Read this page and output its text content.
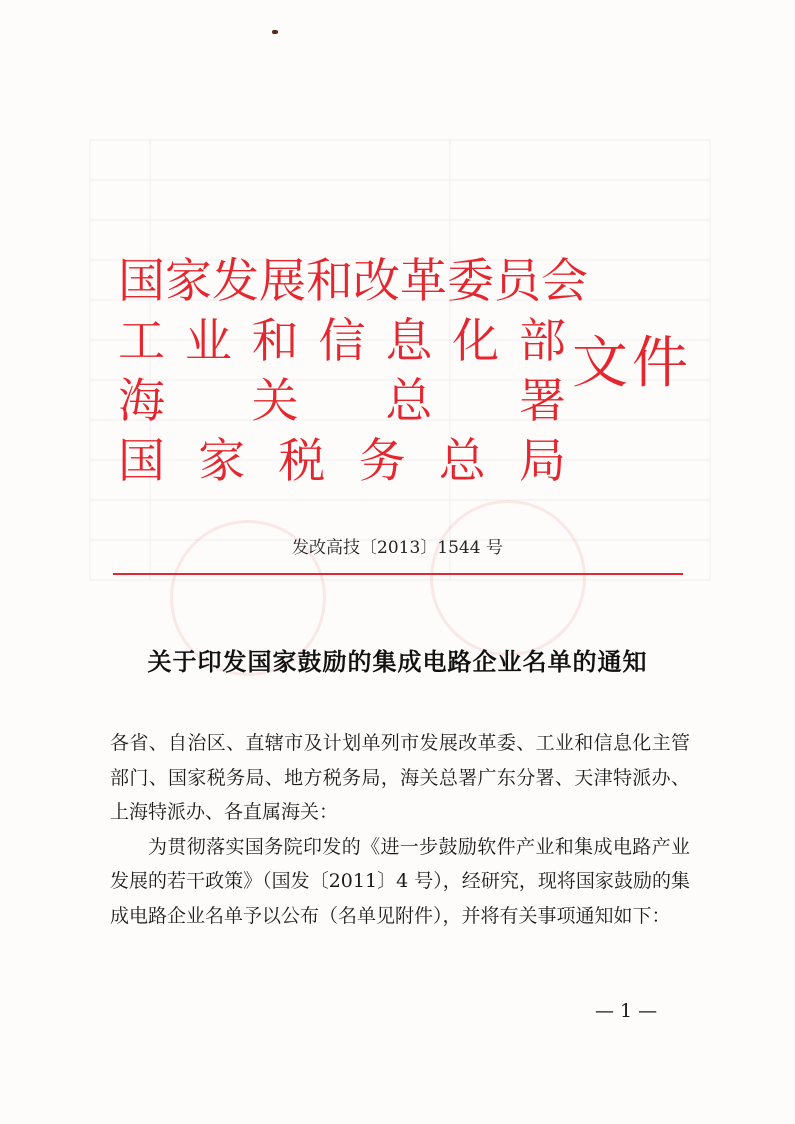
国 家 发 展 和 改 革 委 员 会
工 业 和 信 息 化 部
海 关 总 署
国 家 税 务 总 局
文件
发改高技〔2013〕1544 号
关于印发国家鼓励的集成电路企业名单的通知

各省、自治区、直辖市及计划单列市发展改革委、工业和信息化主管部门、国家税务局、地方税务局，海关总署广东分署、天津特派办、上海特派办、各直属海关：

为贯彻落实国务院印发的《进一步鼓励软件产业和集成电路产业发展的若干政策》（国发〔2011〕4 号），经研究，现将国家鼓励的集成电路企业名单予以公布（名单见附件），并将有关事项通知如下：

— 1 —
